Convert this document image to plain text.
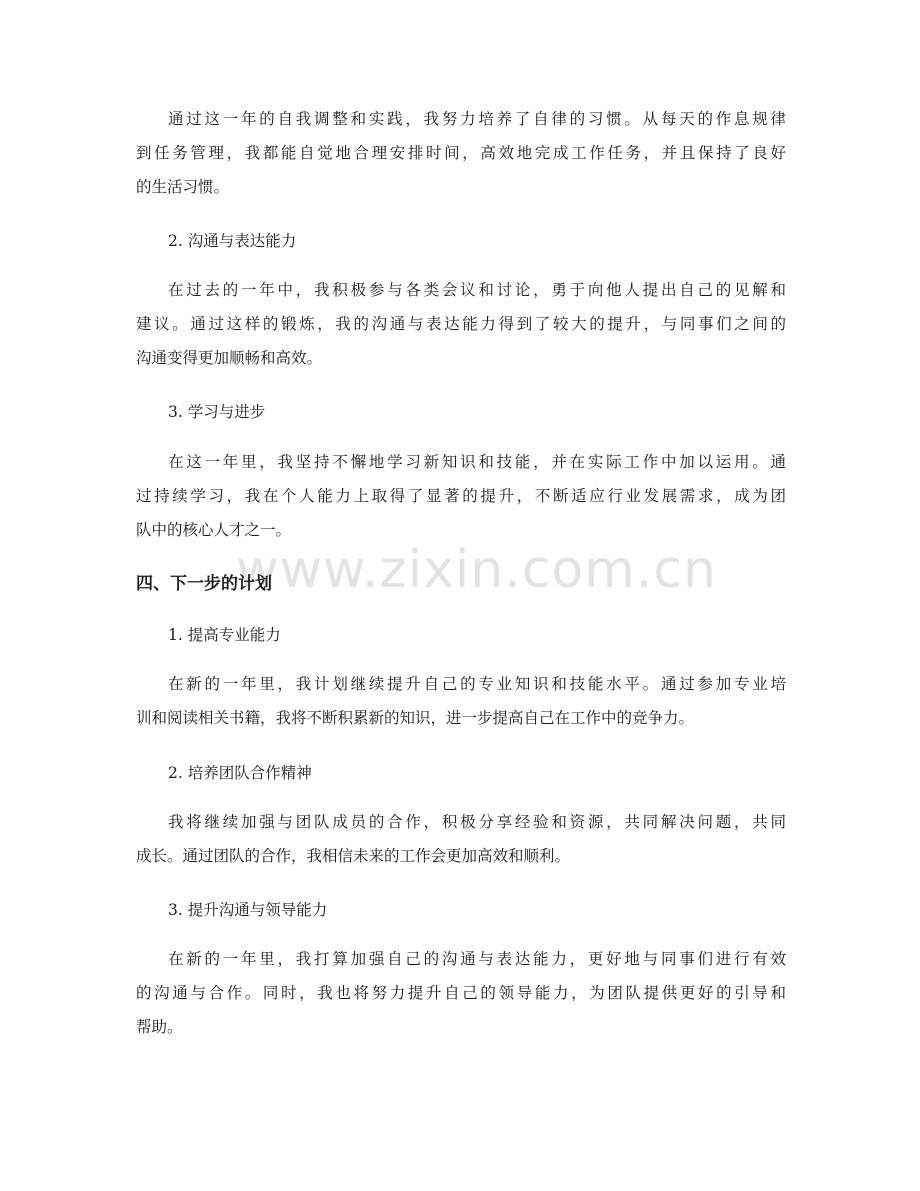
www.zixin.com.cn
通过这一年的自我调整和实践，我努力培养了自律的习惯。从每天的作息规律
到任务管理，我都能自觉地合理安排时间，高效地完成工作任务，并且保持了良好
的生活习惯。
2. 沟通与表达能力
在过去的一年中，我积极参与各类会议和讨论，勇于向他人提出自己的见解和
建议。通过这样的锻炼，我的沟通与表达能力得到了较大的提升，与同事们之间的
沟通变得更加顺畅和高效。
3. 学习与进步
在这一年里，我坚持不懈地学习新知识和技能，并在实际工作中加以运用。通
过持续学习，我在个人能力上取得了显著的提升，不断适应行业发展需求，成为团
队中的核心人才之一。
四、下一步的计划
1. 提高专业能力
在新的一年里，我计划继续提升自己的专业知识和技能水平。通过参加专业培
训和阅读相关书籍，我将不断积累新的知识，进一步提高自己在工作中的竞争力。
2. 培养团队合作精神
我将继续加强与团队成员的合作，积极分享经验和资源，共同解决问题，共同
成长。通过团队的合作，我相信未来的工作会更加高效和顺利。
3. 提升沟通与领导能力
在新的一年里，我打算加强自己的沟通与表达能力，更好地与同事们进行有效
的沟通与合作。同时，我也将努力提升自己的领导能力，为团队提供更好的引导和
帮助。
